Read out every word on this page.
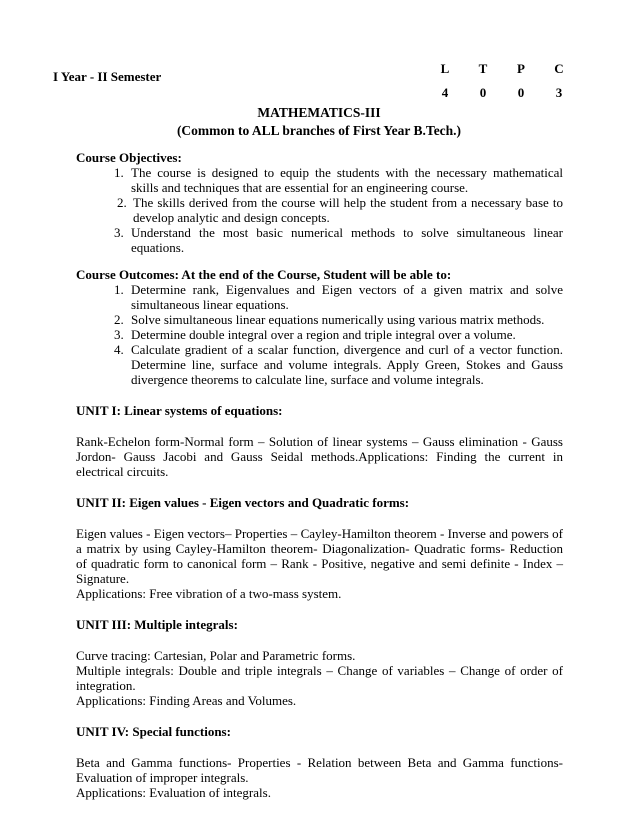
I Year - II Semester
L	T	P	C
4	0	0	3
MATHEMATICS-III
(Common to ALL branches of First Year B.Tech.)

Course Objectives:

1. The course is designed to equip the students with the necessary mathematical skills and techniques that are essential for an engineering course.
2. The skills derived from the course will help the student from a necessary base to develop analytic and design concepts.
3. Understand the most basic numerical methods to solve simultaneous linear equations.

Course Outcomes: At the end of the Course, Student will be able to:

1. Determine rank, Eigenvalues and Eigen vectors of a given matrix and solve simultaneous linear equations.
2. Solve simultaneous linear equations numerically using various matrix methods.
3. Determine double integral over a region and triple integral over a volume.
4. Calculate gradient of a scalar function, divergence and curl of a vector function. Determine line, surface and volume integrals. Apply Green, Stokes and Gauss divergence theorems to calculate line, surface and volume integrals.

UNIT I: Linear systems of equations:

Rank-Echelon form-Normal form – Solution of linear systems – Gauss elimination - Gauss Jordon- Gauss Jacobi and Gauss Seidal methods.Applications: Finding the current in electrical circuits.

UNIT II: Eigen values - Eigen vectors and Quadratic forms:

Eigen values - Eigen vectors– Properties – Cayley-Hamilton theorem - Inverse and powers of a matrix by using Cayley-Hamilton theorem- Diagonalization- Quadratic forms- Reduction of quadratic form to canonical form – Rank - Positive, negative and semi definite - Index – Signature.

Applications: Free vibration of a two-mass system.

UNIT III: Multiple integrals:

Curve tracing: Cartesian, Polar and Parametric forms.

Multiple integrals: Double and triple integrals – Change of variables – Change of order of integration.

Applications: Finding Areas and Volumes.

UNIT IV: Special functions:

Beta and Gamma functions- Properties - Relation between Beta and Gamma functions- Evaluation of improper integrals.

Applications: Evaluation of integrals.
